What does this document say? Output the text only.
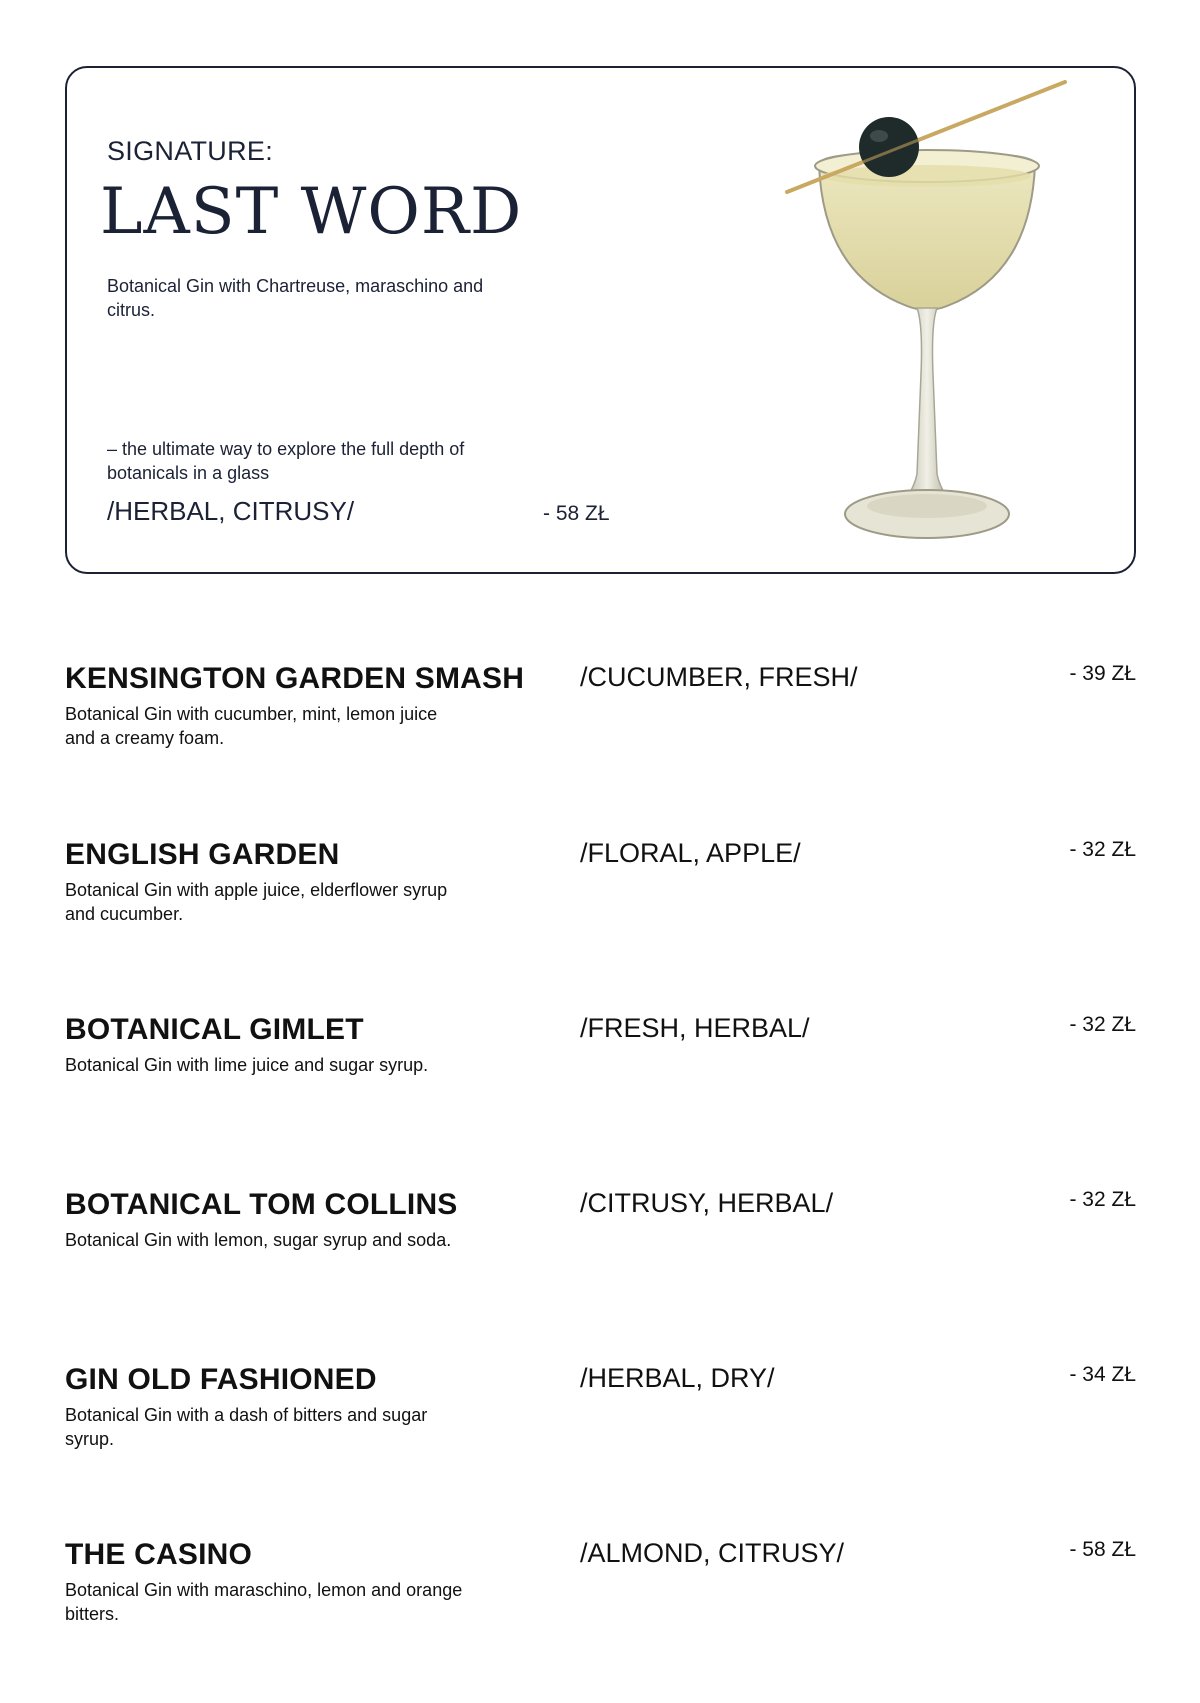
SIGNATURE:
LAST WORD
Botanical Gin with Chartreuse, maraschino and citrus.
– the ultimate way to explore the full depth of botanicals in a glass
/HERBAL, CITRUSY/	- 58 ZŁ
KENSINGTON GARDEN SMASH
Botanical Gin with cucumber, mint, lemon juice and a creamy foam.
/CUCUMBER, FRESH/	- 39 ZŁ
ENGLISH GARDEN
Botanical Gin with apple juice, elderflower syrup and cucumber.
/FLORAL, APPLE/	- 32 ZŁ
BOTANICAL GIMLET
Botanical Gin with lime juice and sugar syrup.
/FRESH, HERBAL/	- 32 ZŁ
BOTANICAL TOM COLLINS
Botanical Gin with lemon, sugar syrup and soda.
/CITRUSY, HERBAL/	- 32 ZŁ
GIN OLD FASHIONED
Botanical Gin with a dash of bitters and sugar syrup.
/HERBAL, DRY/	- 34 ZŁ
THE CASINO
Botanical Gin with maraschino, lemon and orange bitters.
/ALMOND, CITRUSY/	- 58 ZŁ
